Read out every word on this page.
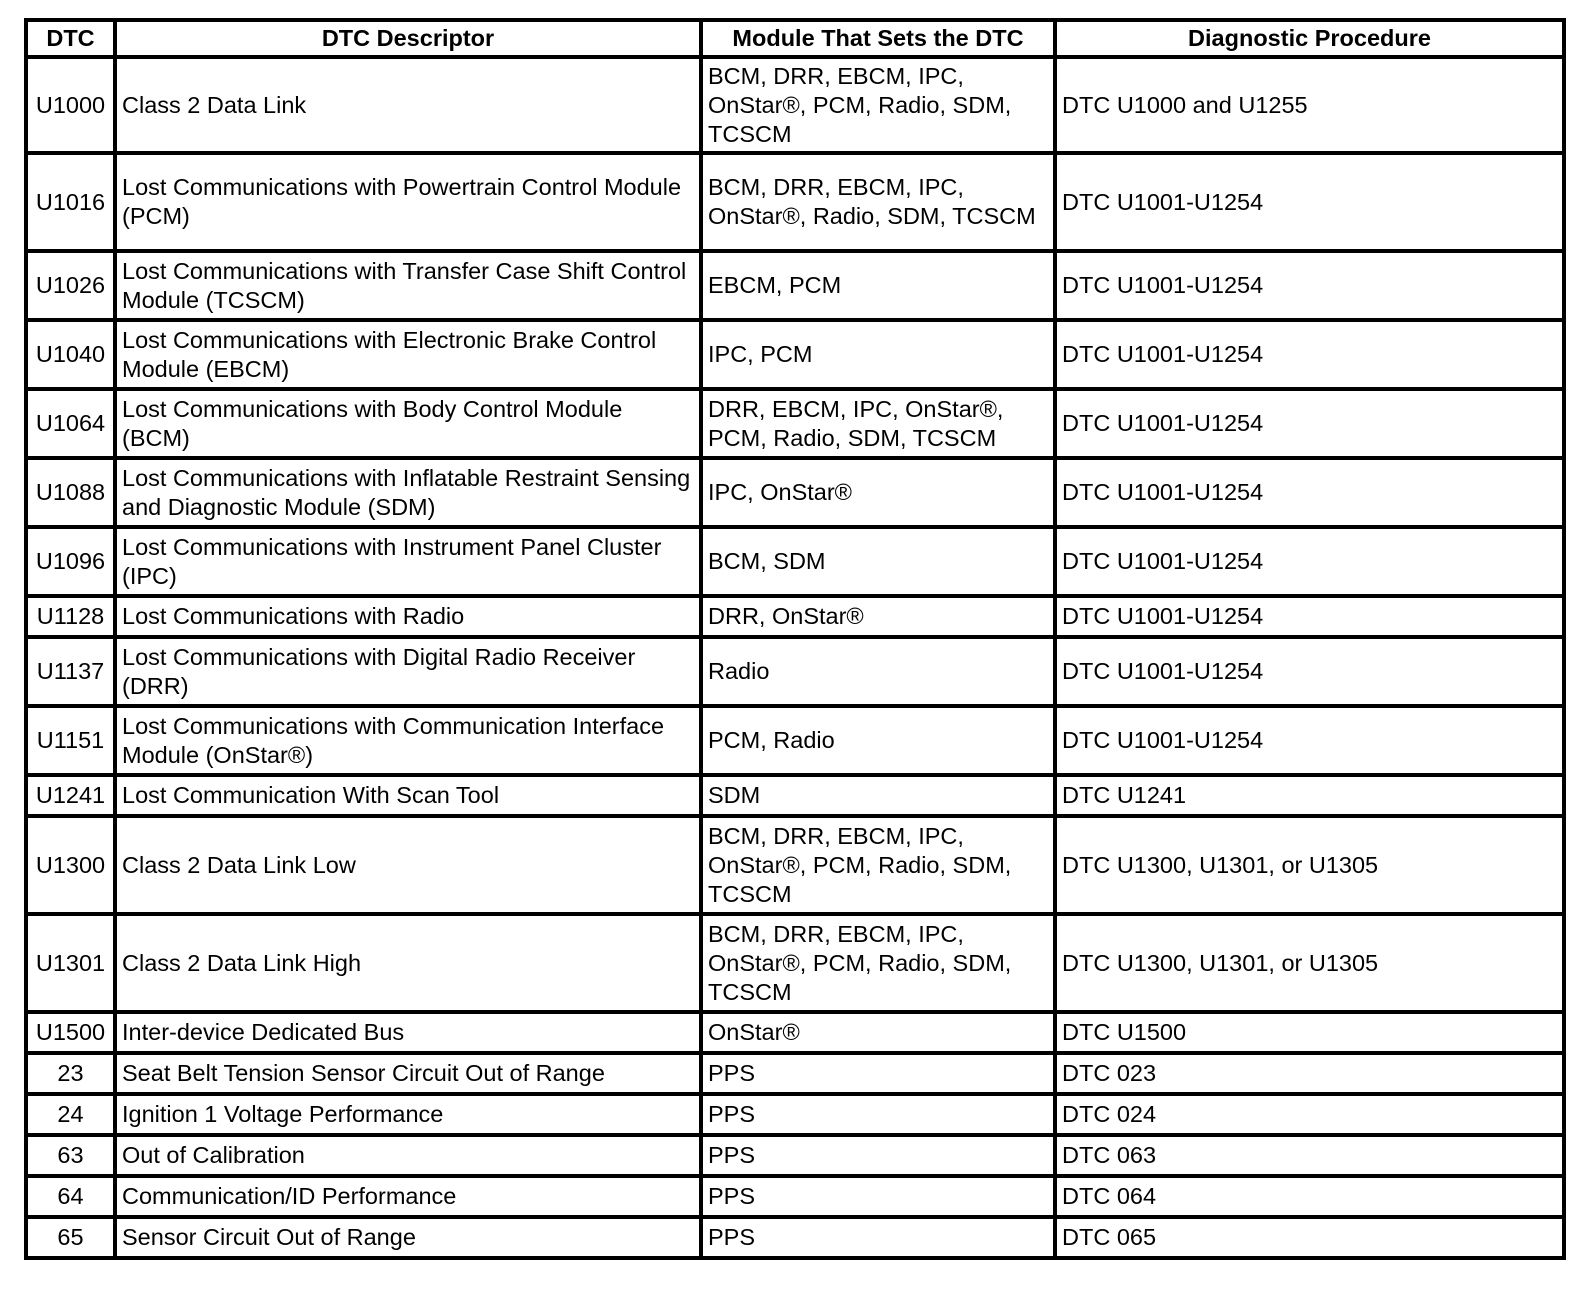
DTC	DTC Descriptor	Module That Sets the DTC	Diagnostic Procedure
U1000	Class 2 Data Link	BCM, DRR, EBCM, IPC, OnStar®, PCM, Radio, SDM, TCSCM	DTC U1000 and U1255
U1016	Lost Communications with Powertrain Control Module (PCM)	BCM, DRR, EBCM, IPC, OnStar®, Radio, SDM, TCSCM	DTC U1001-U1254
U1026	Lost Communications with Transfer Case Shift Control Module (TCSCM)	EBCM, PCM	DTC U1001-U1254
U1040	Lost Communications with Electronic Brake Control Module (EBCM)	IPC, PCM	DTC U1001-U1254
U1064	Lost Communications with Body Control Module (BCM)	DRR, EBCM, IPC, OnStar®, PCM, Radio, SDM, TCSCM	DTC U1001-U1254
U1088	Lost Communications with Inflatable Restraint Sensing and Diagnostic Module (SDM)	IPC, OnStar®	DTC U1001-U1254
U1096	Lost Communications with Instrument Panel Cluster (IPC)	BCM, SDM	DTC U1001-U1254
U1128	Lost Communications with Radio	DRR, OnStar®	DTC U1001-U1254
U1137	Lost Communications with Digital Radio Receiver (DRR)	Radio	DTC U1001-U1254
U1151	Lost Communications with Communication Interface Module (OnStar®)	PCM, Radio	DTC U1001-U1254
U1241	Lost Communication With Scan Tool	SDM	DTC U1241
U1300	Class 2 Data Link Low	BCM, DRR, EBCM, IPC, OnStar®, PCM, Radio, SDM, TCSCM	DTC U1300, U1301, or U1305
U1301	Class 2 Data Link High	BCM, DRR, EBCM, IPC, OnStar®, PCM, Radio, SDM, TCSCM	DTC U1300, U1301, or U1305
U1500	Inter-device Dedicated Bus	OnStar®	DTC U1500
23	Seat Belt Tension Sensor Circuit Out of Range	PPS	DTC 023
24	Ignition 1 Voltage Performance	PPS	DTC 024
63	Out of Calibration	PPS	DTC 063
64	Communication/ID Performance	PPS	DTC 064
65	Sensor Circuit Out of Range	PPS	DTC 065
